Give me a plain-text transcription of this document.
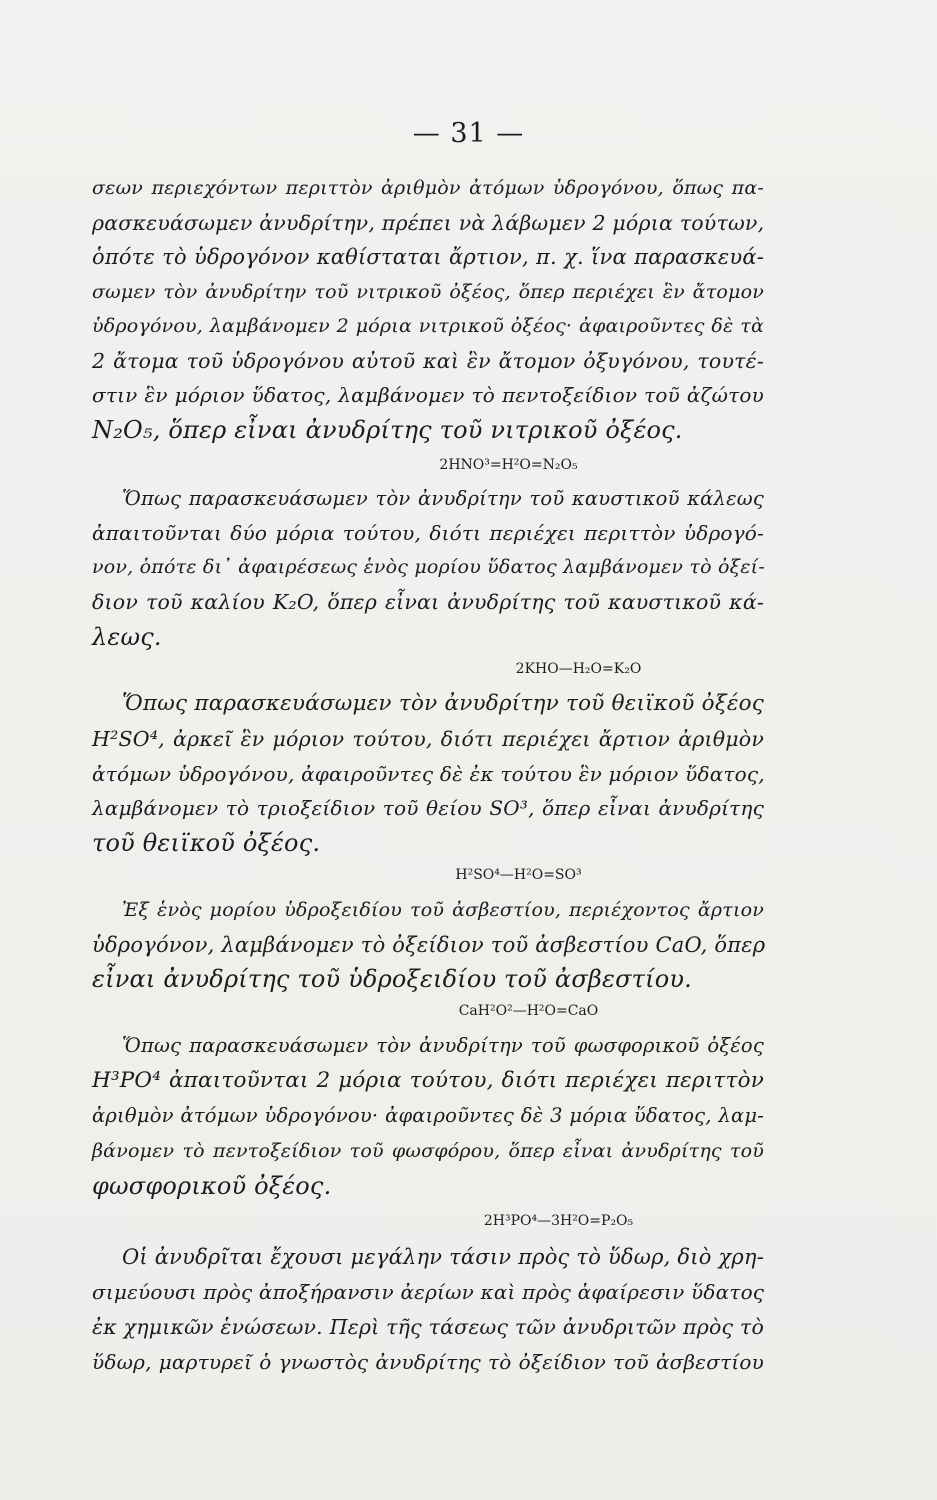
— 31 —
σεων περιεχόντων περιττὸν ἀριθμὸν ἀτόμων ὑδρογόνου, ὅπως πα-
ρασκευάσωμεν ἀνυδρίτην, πρέπει νὰ λάβωμεν 2 μόρια τούτων,
ὁπότε τὸ ὑδρογόνον καθίσταται ἄρτιον, π. χ. ἵνα παρασκευά-
σωμεν τὸν ἀνυδρίτην τοῦ νιτρικοῦ ὀξέος, ὅπερ περιέχει ἓν ἄτομον
ὑδρογόνου, λαμβάνομεν 2 μόρια νιτρικοῦ ὀξέος· ἀφαιροῦντες δὲ τὰ
2 ἄτομα τοῦ ὑδρογόνου αὐτοῦ καὶ ἓν ἄτομον ὀξυγόνου, τουτέ-
στιν ἓν μόριον ὕδατος, λαμβάνομεν τὸ πεντοξείδιον τοῦ ἀζώτου
N₂O₅, ὅπερ εἶναι ἀνυδρίτης τοῦ νιτρικοῦ ὀξέος.
2HNO³=H²O=N₂O₅
Ὅπως παρασκευάσωμεν τὸν ἀνυδρίτην τοῦ καυστικοῦ κάλεως
ἀπαιτοῦνται δύο μόρια τούτου, διότι περιέχει περιττὸν ὑδρογό-
νον, ὁπότε δι᾽ ἀφαιρέσεως ἑνὸς μορίου ὕδατος λαμβάνομεν τὸ ὀξεί-
διον τοῦ καλίου K₂O, ὅπερ εἶναι ἀνυδρίτης τοῦ καυστικοῦ κά-
λεως.
2KHO—H₂O=K₂O
Ὅπως παρασκευάσωμεν τὸν ἀνυδρίτην τοῦ θειϊκοῦ ὀξέος
H²SO⁴, ἀρκεῖ ἓν μόριον τούτου, διότι περιέχει ἄρτιον ἀριθμὸν
ἀτόμων ὑδρογόνου, ἀφαιροῦντες δὲ ἐκ τούτου ἓν μόριον ὕδατος,
λαμβάνομεν τὸ τριοξείδιον τοῦ θείου SO³, ὅπερ εἶναι ἀνυδρίτης
τοῦ θειϊκοῦ ὀξέος.
H²SO⁴—H²O=SO³
Ἐξ ἑνὸς μορίου ὑδροξειδίου τοῦ ἀσβεστίου, περιέχοντος ἄρτιον
ὑδρογόνον, λαμβάνομεν τὸ ὀξείδιον τοῦ ἀσβεστίου CaO, ὅπερ
εἶναι ἀνυδρίτης τοῦ ὑδροξειδίου τοῦ ἀσβεστίου.
CaH²O²—H²O=CaO
Ὅπως παρασκευάσωμεν τὸν ἀνυδρίτην τοῦ φωσφορικοῦ ὀξέος
H³PO⁴ ἀπαιτοῦνται 2 μόρια τούτου, διότι περιέχει περιττὸν
ἀριθμὸν ἀτόμων ὑδρογόνου· ἀφαιροῦντες δὲ 3 μόρια ὕδατος, λαμ-
βάνομεν τὸ πεντοξείδιον τοῦ φωσφόρου, ὅπερ εἶναι ἀνυδρίτης τοῦ
φωσφορικοῦ ὀξέος.
2H³PO⁴—3H²O=P₂O₅
Οἱ ἀνυδρῖται ἔχουσι μεγάλην τάσιν πρὸς τὸ ὕδωρ, διὸ χρη-
σιμεύουσι πρὸς ἀποξήρανσιν ἀερίων καὶ πρὸς ἀφαίρεσιν ὕδατος
ἐκ χημικῶν ἑνώσεων. Περὶ τῆς τάσεως τῶν ἀνυδριτῶν πρὸς τὸ
ὕδωρ, μαρτυρεῖ ὁ γνωστὸς ἀνυδρίτης τὸ ὀξείδιον τοῦ ἀσβεστίου
